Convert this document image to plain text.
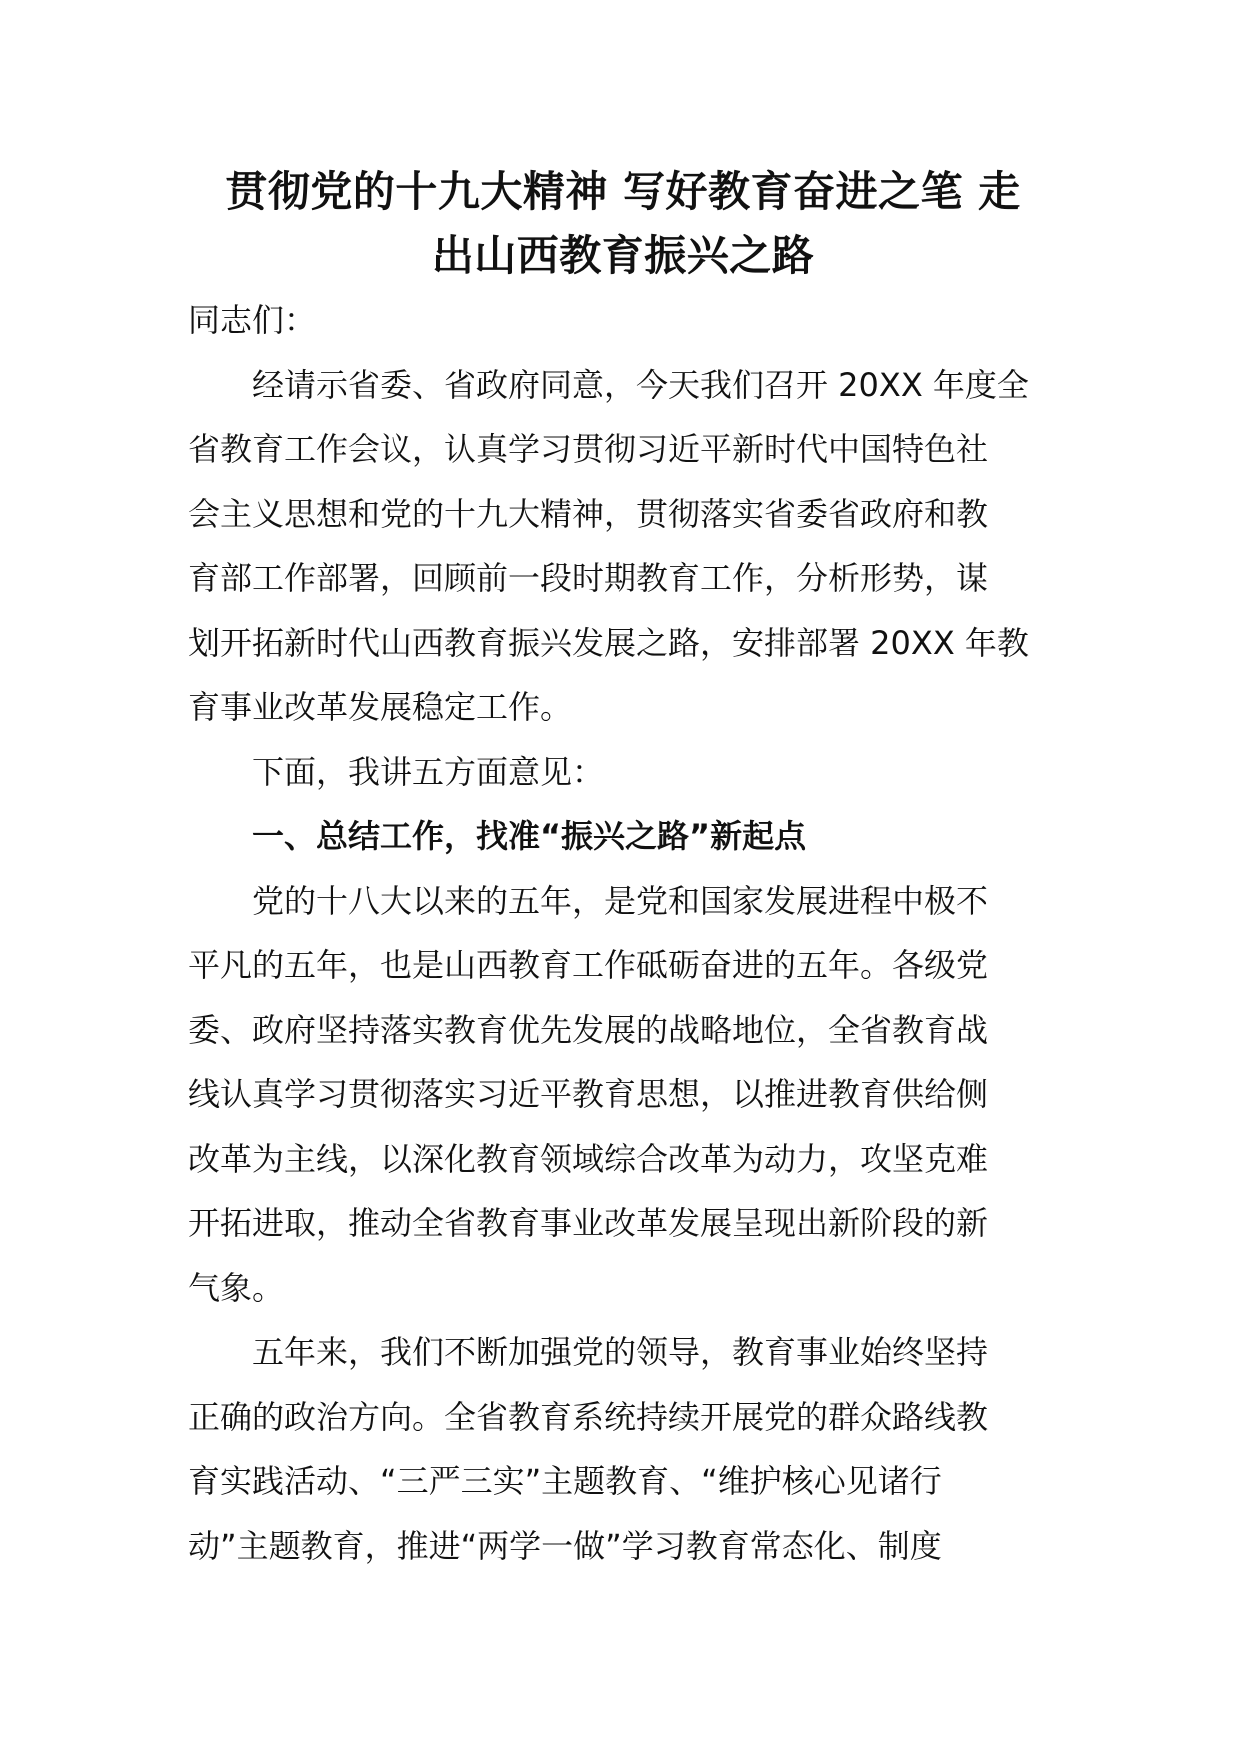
贯彻党的十九大精神 写好教育奋进之笔 走
出山西教育振兴之路

同志们：

经请示省委、省政府同意，今天我们召开 20XX 年度全
省教育工作会议，认真学习贯彻习近平新时代中国特色社
会主义思想和党的十九大精神，贯彻落实省委省政府和教
育部工作部署，回顾前一段时期教育工作，分析形势，谋
划开拓新时代山西教育振兴发展之路，安排部署 20XX 年教
育事业改革发展稳定工作。

下面，我讲五方面意见：

一、总结工作，找准“振兴之路”新起点

党的十八大以来的五年，是党和国家发展进程中极不
平凡的五年，也是山西教育工作砥砺奋进的五年。各级党
委、政府坚持落实教育优先发展的战略地位，全省教育战
线认真学习贯彻落实习近平教育思想，以推进教育供给侧
改革为主线，以深化教育领域综合改革为动力，攻坚克难
开拓进取，推动全省教育事业改革发展呈现出新阶段的新
气象。

五年来，我们不断加强党的领导，教育事业始终坚持
正确的政治方向。全省教育系统持续开展党的群众路线教
育实践活动、“三严三实”主题教育、“维护核心见诸行
动”主题教育，推进“两学一做”学习教育常态化、制度
